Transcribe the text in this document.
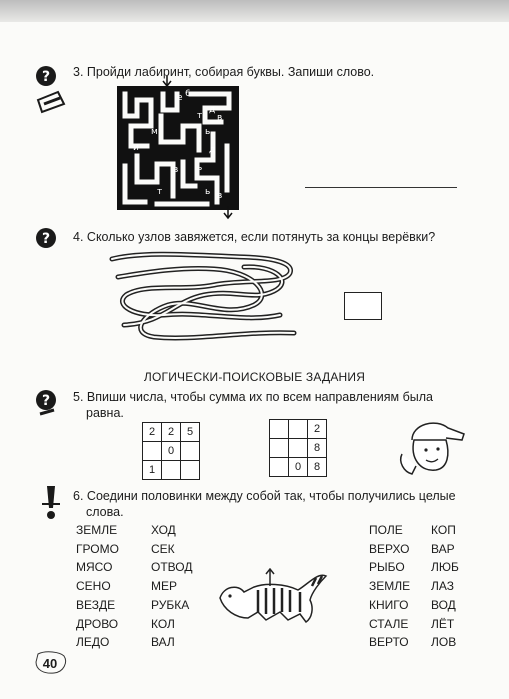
? 3. Пройди лабиринт, собирая буквы. Запиши слово.
е 6
т
д
в
м	ь
и	д
в
т
ь
ь в
? 4. Сколько узлов завяжется, если потянуть за концы верёвки?
ЛОГИЧЕСКИ-ПОИСКОВЫЕ ЗАДАНИЯ
? 5. Впиши числа, чтобы сумма их по всем направлениям была
равна.
2	2	5
	0	
1		
		2
		8
	0	8
6. Соедини половинки между собой так, чтобы получились целые
слова.
ЗЕМЛЕ
ГРОМО
МЯСО
СЕНО
ВЕЗДЕ
ДРОВО
ЛЕДО
ХОД
СЕК
ОТВОД
МЕР
РУБКА
КОЛ
ВАЛ
ПОЛЕ
ВЕРХО
РЫБО
ЗЕМЛЕ
КНИГО
СТАЛЕ
ВЕРТО
КОП
ВАР
ЛЮБ
ЛАЗ
ВОД
ЛЁТ
ЛОВ
40
